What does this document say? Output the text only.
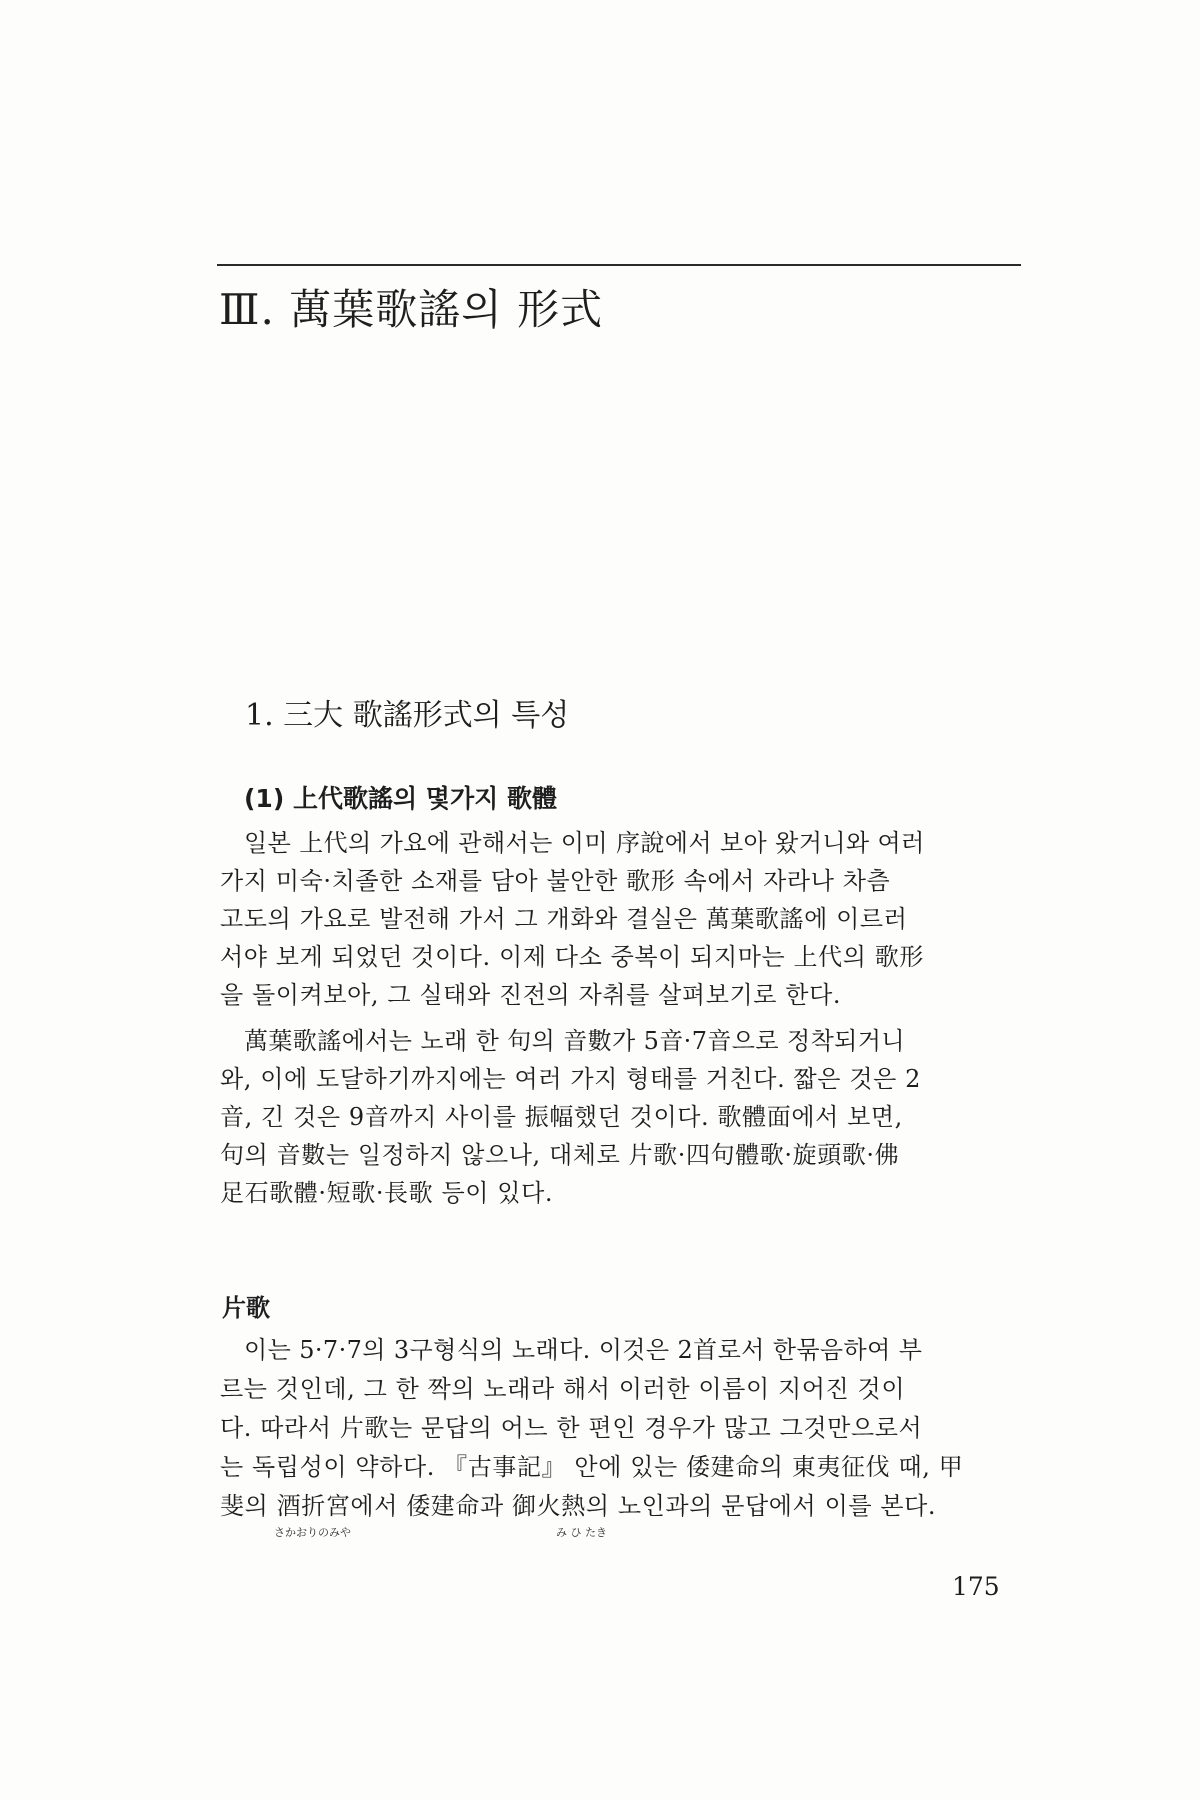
Ⅲ. 萬葉歌謠의 形式
1. 三大 歌謠形式의 특성
(1) 上代歌謠의 몇가지 歌體
일본 上代의 가요에 관해서는 이미 序說에서 보아 왔거니와 여러
가지 미숙·치졸한 소재를 담아 불안한 歌形 속에서 자라나 차츰
고도의 가요로 발전해 가서 그 개화와 결실은 萬葉歌謠에 이르러
서야 보게 되었던 것이다. 이제 다소 중복이 되지마는 上代의 歌形
을 돌이켜보아, 그 실태와 진전의 자취를 살펴보기로 한다.
萬葉歌謠에서는 노래 한 句의 音數가 5音·7音으로 정착되거니
와, 이에 도달하기까지에는 여러 가지 형태를 거친다. 짧은 것은 2
音, 긴 것은 9音까지 사이를 振幅했던 것이다. 歌體面에서 보면,
句의 音數는 일정하지 않으나, 대체로 片歌·四句體歌·旋頭歌·佛
足石歌體·短歌·長歌 등이 있다.
片歌
이는 5·7·7의 3구형식의 노래다. 이것은 2首로서 한묶음하여 부
르는 것인데, 그 한 짝의 노래라 해서 이러한 이름이 지어진 것이
다. 따라서 片歌는 문답의 어느 한 편인 경우가 많고 그것만으로서
는 독립성이 약하다. 『古事記』 안에 있는 倭建命의 東夷征伐 때, 甲
斐의 酒折宮에서 倭建命과 御火熱의 노인과의 문답에서 이를 본다.
さかおりのみや	み ひ たき
175
